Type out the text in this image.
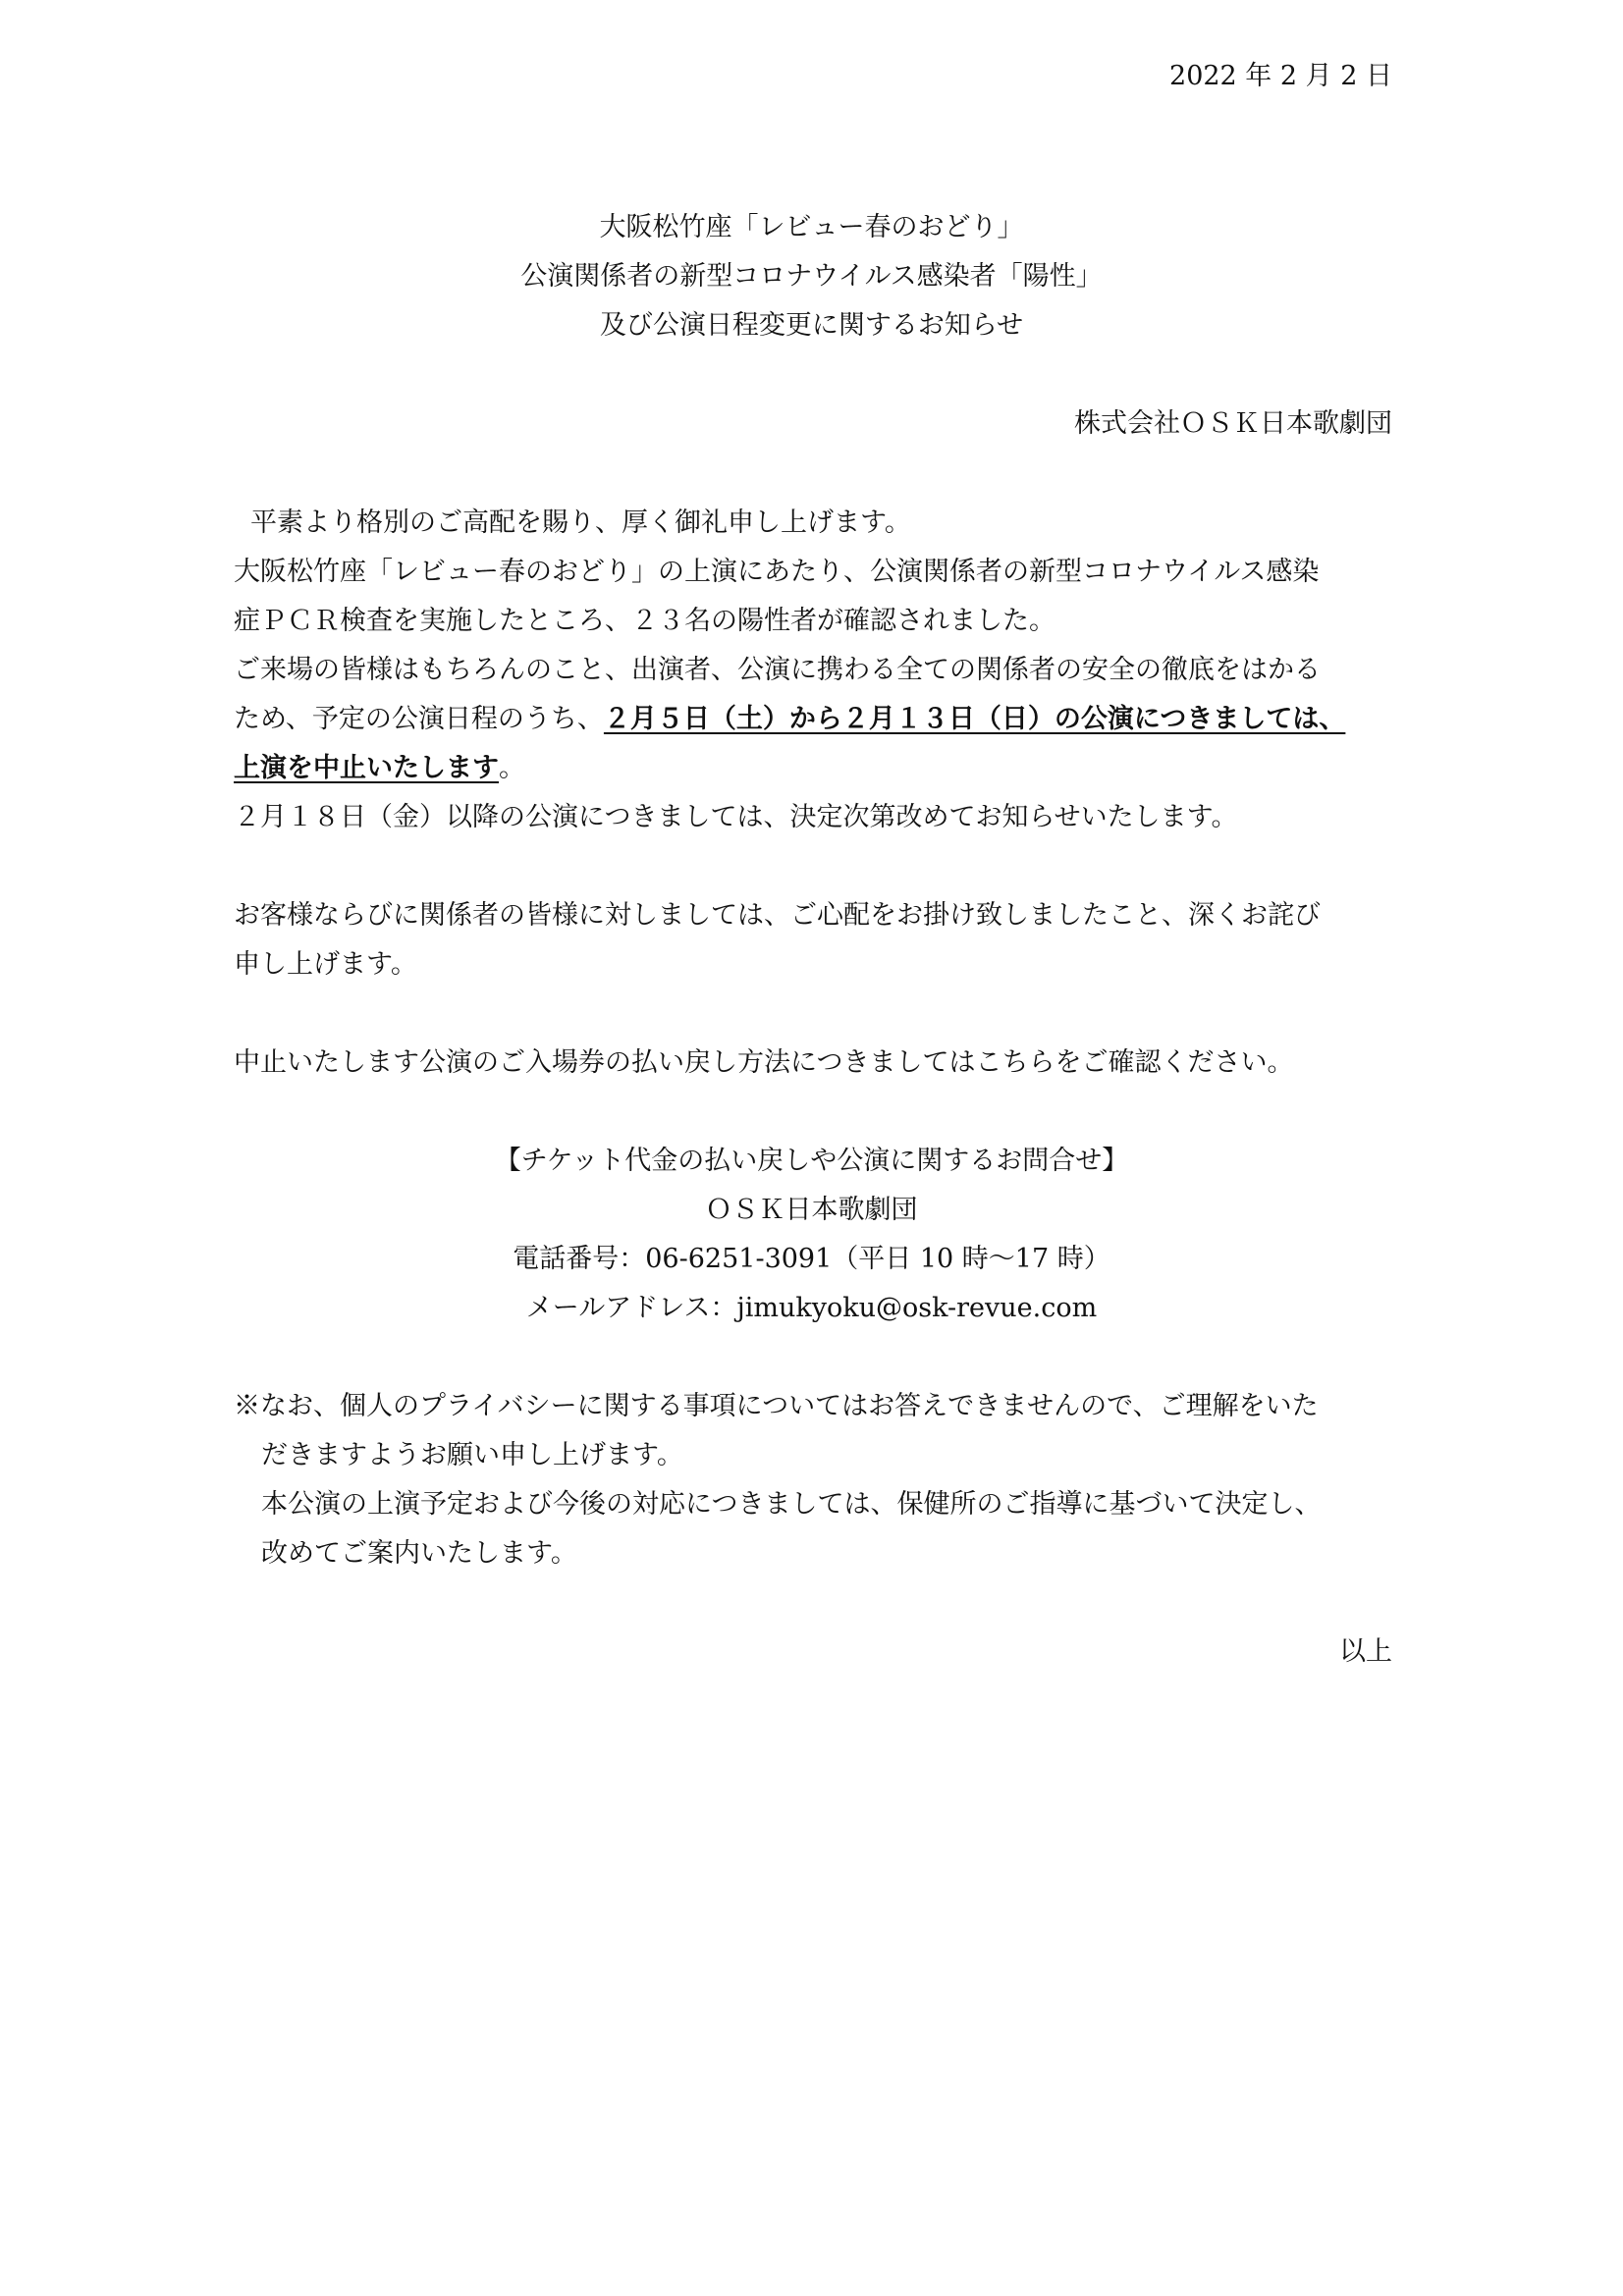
2022 年 2 月 2 日
大阪松竹座「レビュー春のおどり」
公演関係者の新型コロナウイルス感染者「陽性」
及び公演日程変更に関するお知らせ
株式会社ＯＳＫ日本歌劇団
平素より格別のご高配を賜り、厚く御礼申し上げます。
大阪松竹座「レビュー春のおどり」の上演にあたり、公演関係者の新型コロナウイルス感染
症ＰＣＲ検査を実施したところ、２３名の陽性者が確認されました。
ご来場の皆様はもちろんのこと、出演者、公演に携わる全ての関係者の安全の徹底をはかる
ため、予定の公演日程のうち、２月５日（土）から２月１３日（日）の公演につきましては、
上演を中止いたします。
２月１８日（金）以降の公演につきましては、決定次第改めてお知らせいたします。
お客様ならびに関係者の皆様に対しましては、ご心配をお掛け致しましたこと、深くお詫び
申し上げます。
中止いたします公演のご入場券の払い戻し方法につきましてはこちらをご確認ください。
【チケット代金の払い戻しや公演に関するお問合せ】
ＯＳＫ日本歌劇団
電話番号：06-6251-3091（平日 10 時～17 時）
メールアドレス：jimukyoku@osk-revue.com
※なお、個人のプライバシーに関する事項についてはお答えできませんので、ご理解をいた
だきますようお願い申し上げます。
本公演の上演予定および今後の対応につきましては、保健所のご指導に基づいて決定し、
改めてご案内いたします。
以上
